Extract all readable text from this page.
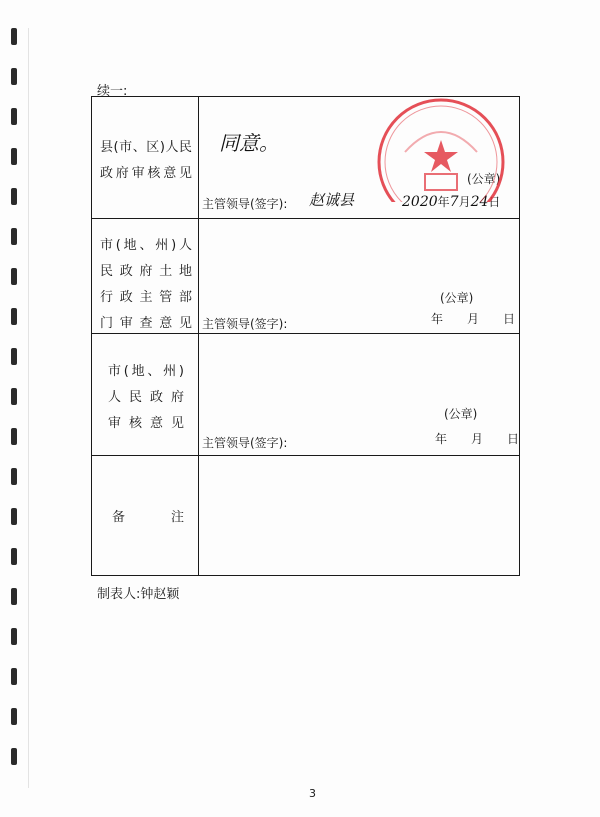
续一:
县(市、区)人民
政府审核意见
同意。
主管领导(签字): 赵诚县
(公章)
2020年7月24日
市(地、州)人
民政府土地
行政主管部
门审查意见 主管领导(签字):
(公章)
年　　月　　日
市(地、州)
人民政府
审核意见
主管领导(签字):
(公章)
年　　月　　日
备　　　注
制表人:钟赵颖
3
